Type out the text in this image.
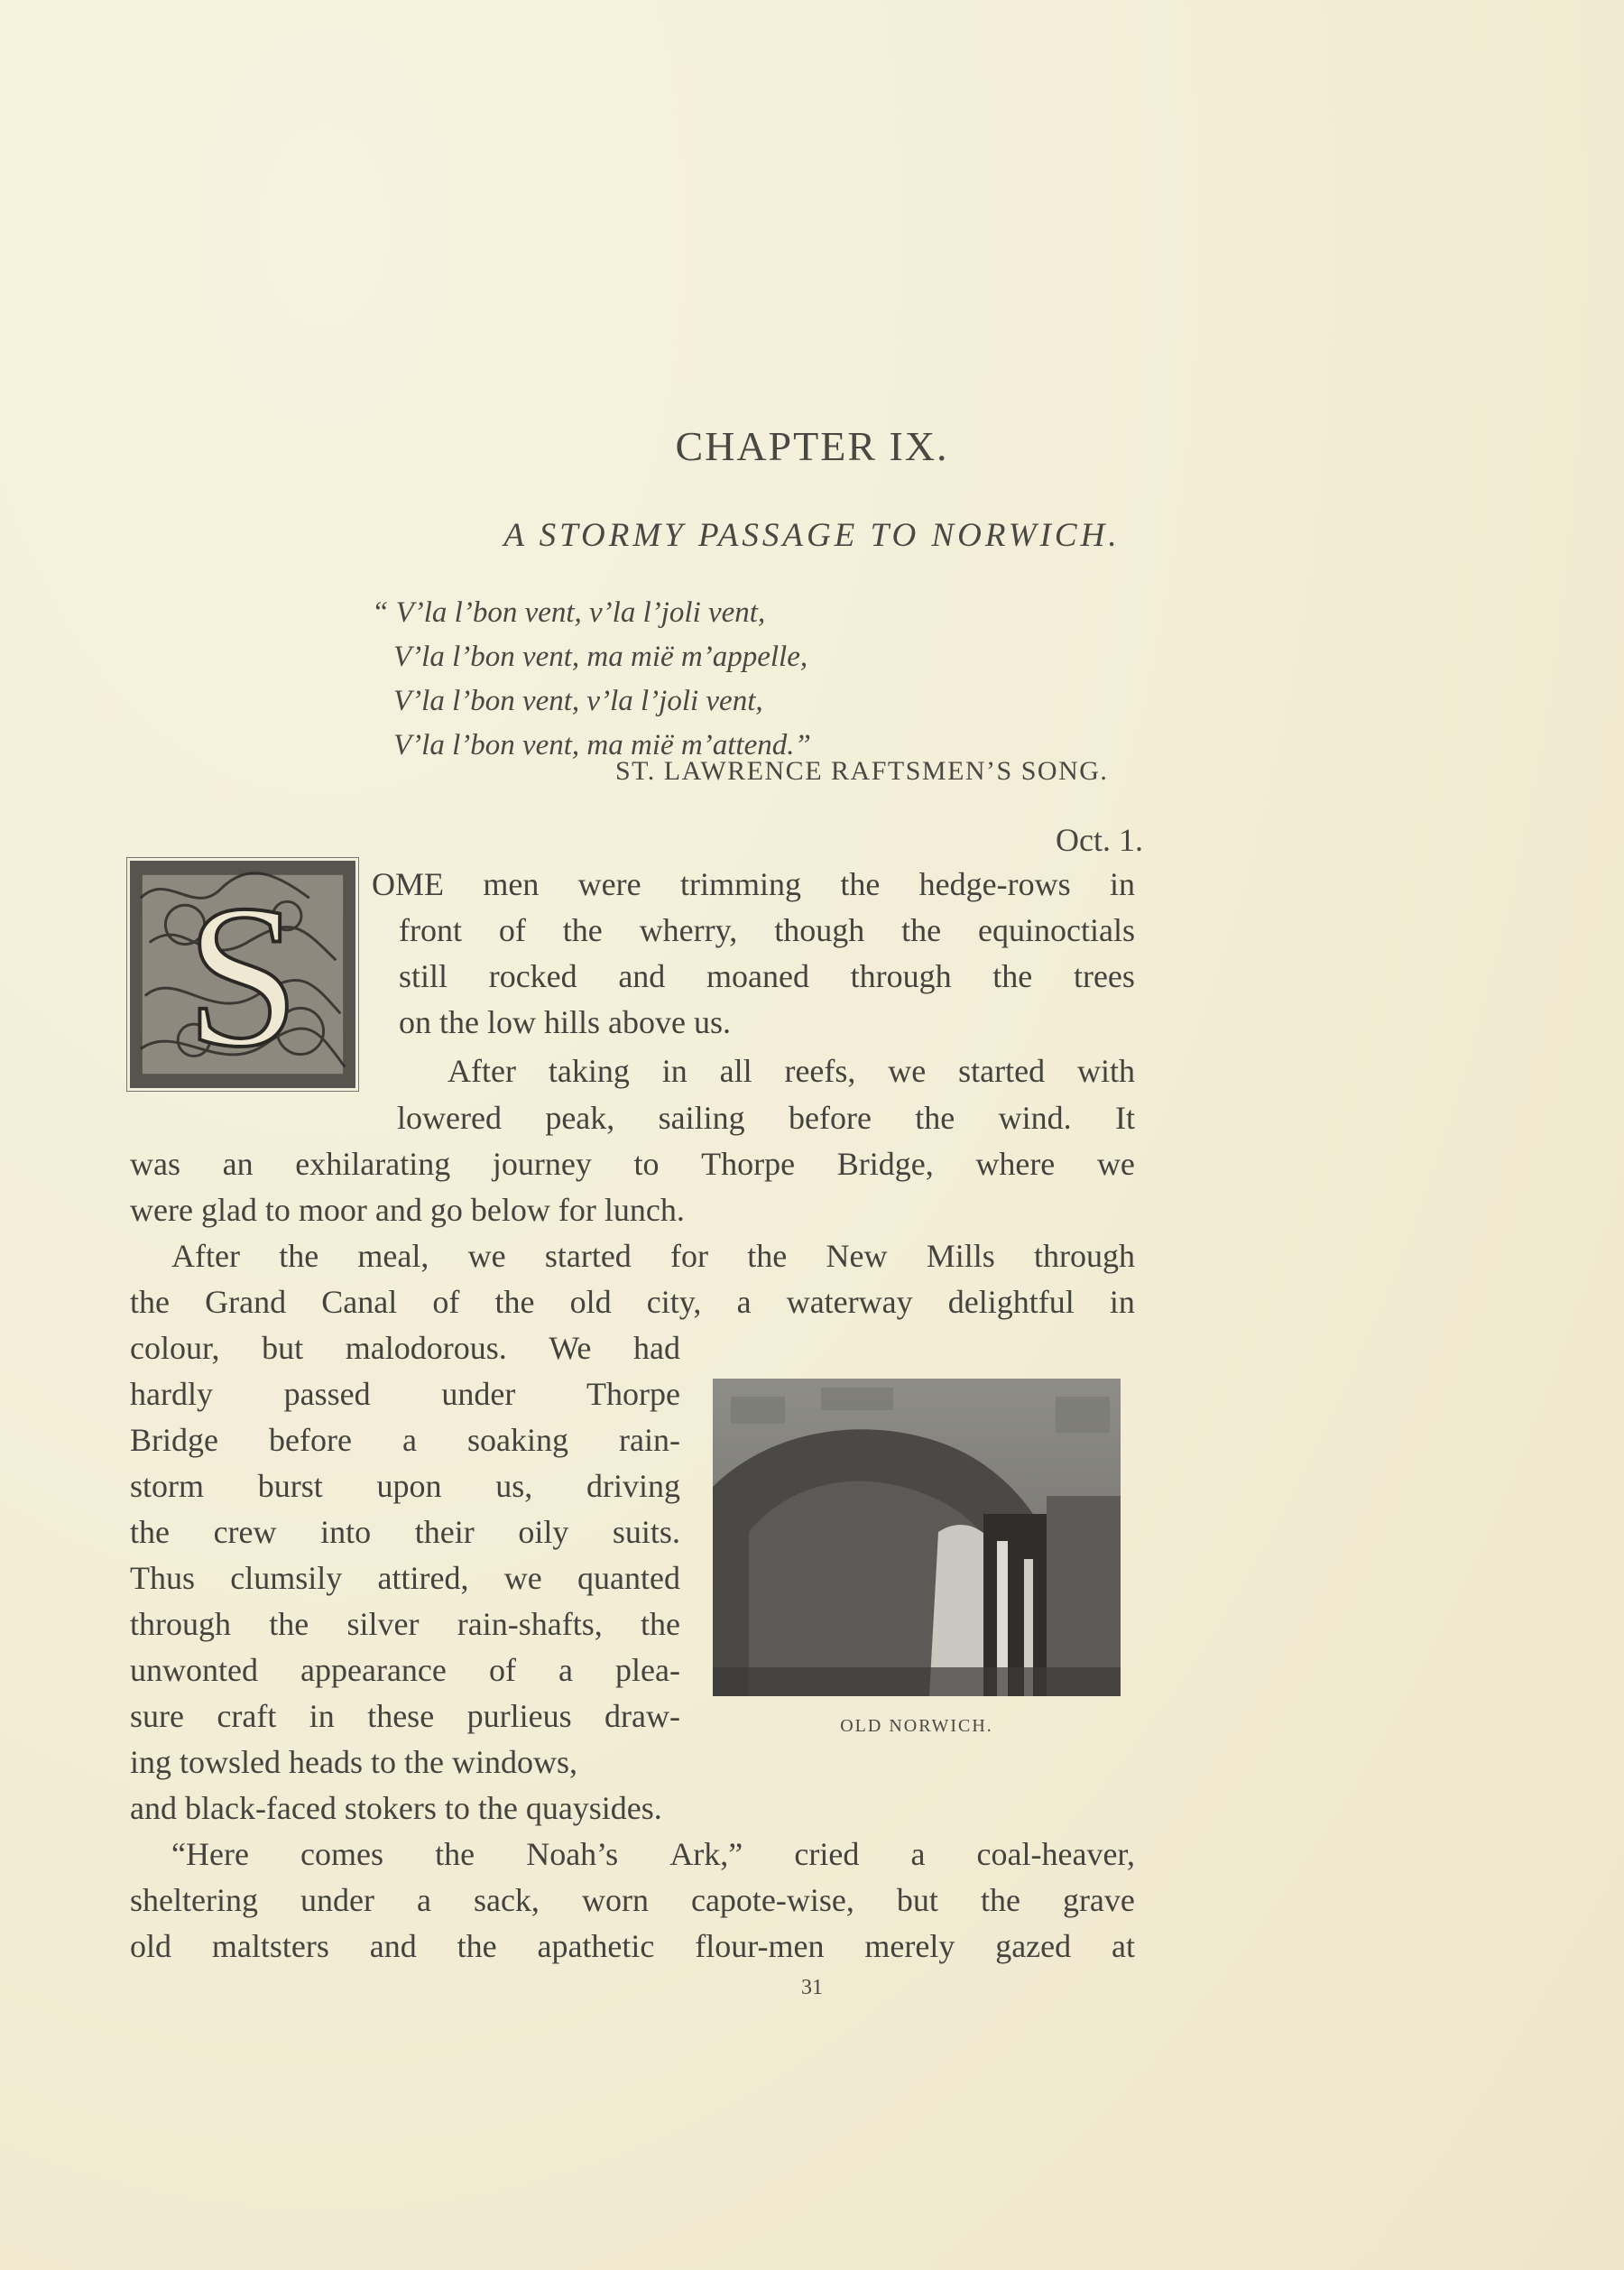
CHAPTER IX.
A STORMY PASSAGE TO NORWICH.
“ V’la l’bon vent, v’la l’joli vent,
V’la l’bon vent, ma mië m’appelle,
V’la l’bon vent, v’la l’joli vent,
V’la l’bon vent, ma mië m’attend.”
ST. LAWRENCE RAFTSMEN’S SONG.
Oct. 1.
S OME men were trimming the hedge-rows in
front of the wherry, though the equinoctials
still rocked and moaned through the trees
on the low hills above us.
After taking in all reefs, we started with
lowered peak, sailing before the wind. It
was an exhilarating journey to Thorpe Bridge, where we
were glad to moor and go below for lunch.
After the meal, we started for the New Mills through
the Grand Canal of the old city, a waterway delightful in
colour, but malodorous. We had
hardly passed under Thorpe
Bridge before a soaking rain-
storm burst upon us, driving
the crew into their oily suits.
Thus clumsily attired, we quanted
through the silver rain-shafts, the
unwonted appearance of a plea-
sure craft in these purlieus draw-
ing towsled heads to the windows,
and black-faced stokers to the quaysides.
“Here comes the Noah’s Ark,” cried a coal-heaver,
sheltering under a sack, worn capote-wise, but the grave
old maltsters and the apathetic flour-men merely gazed at
OLD NORWICH.
31
